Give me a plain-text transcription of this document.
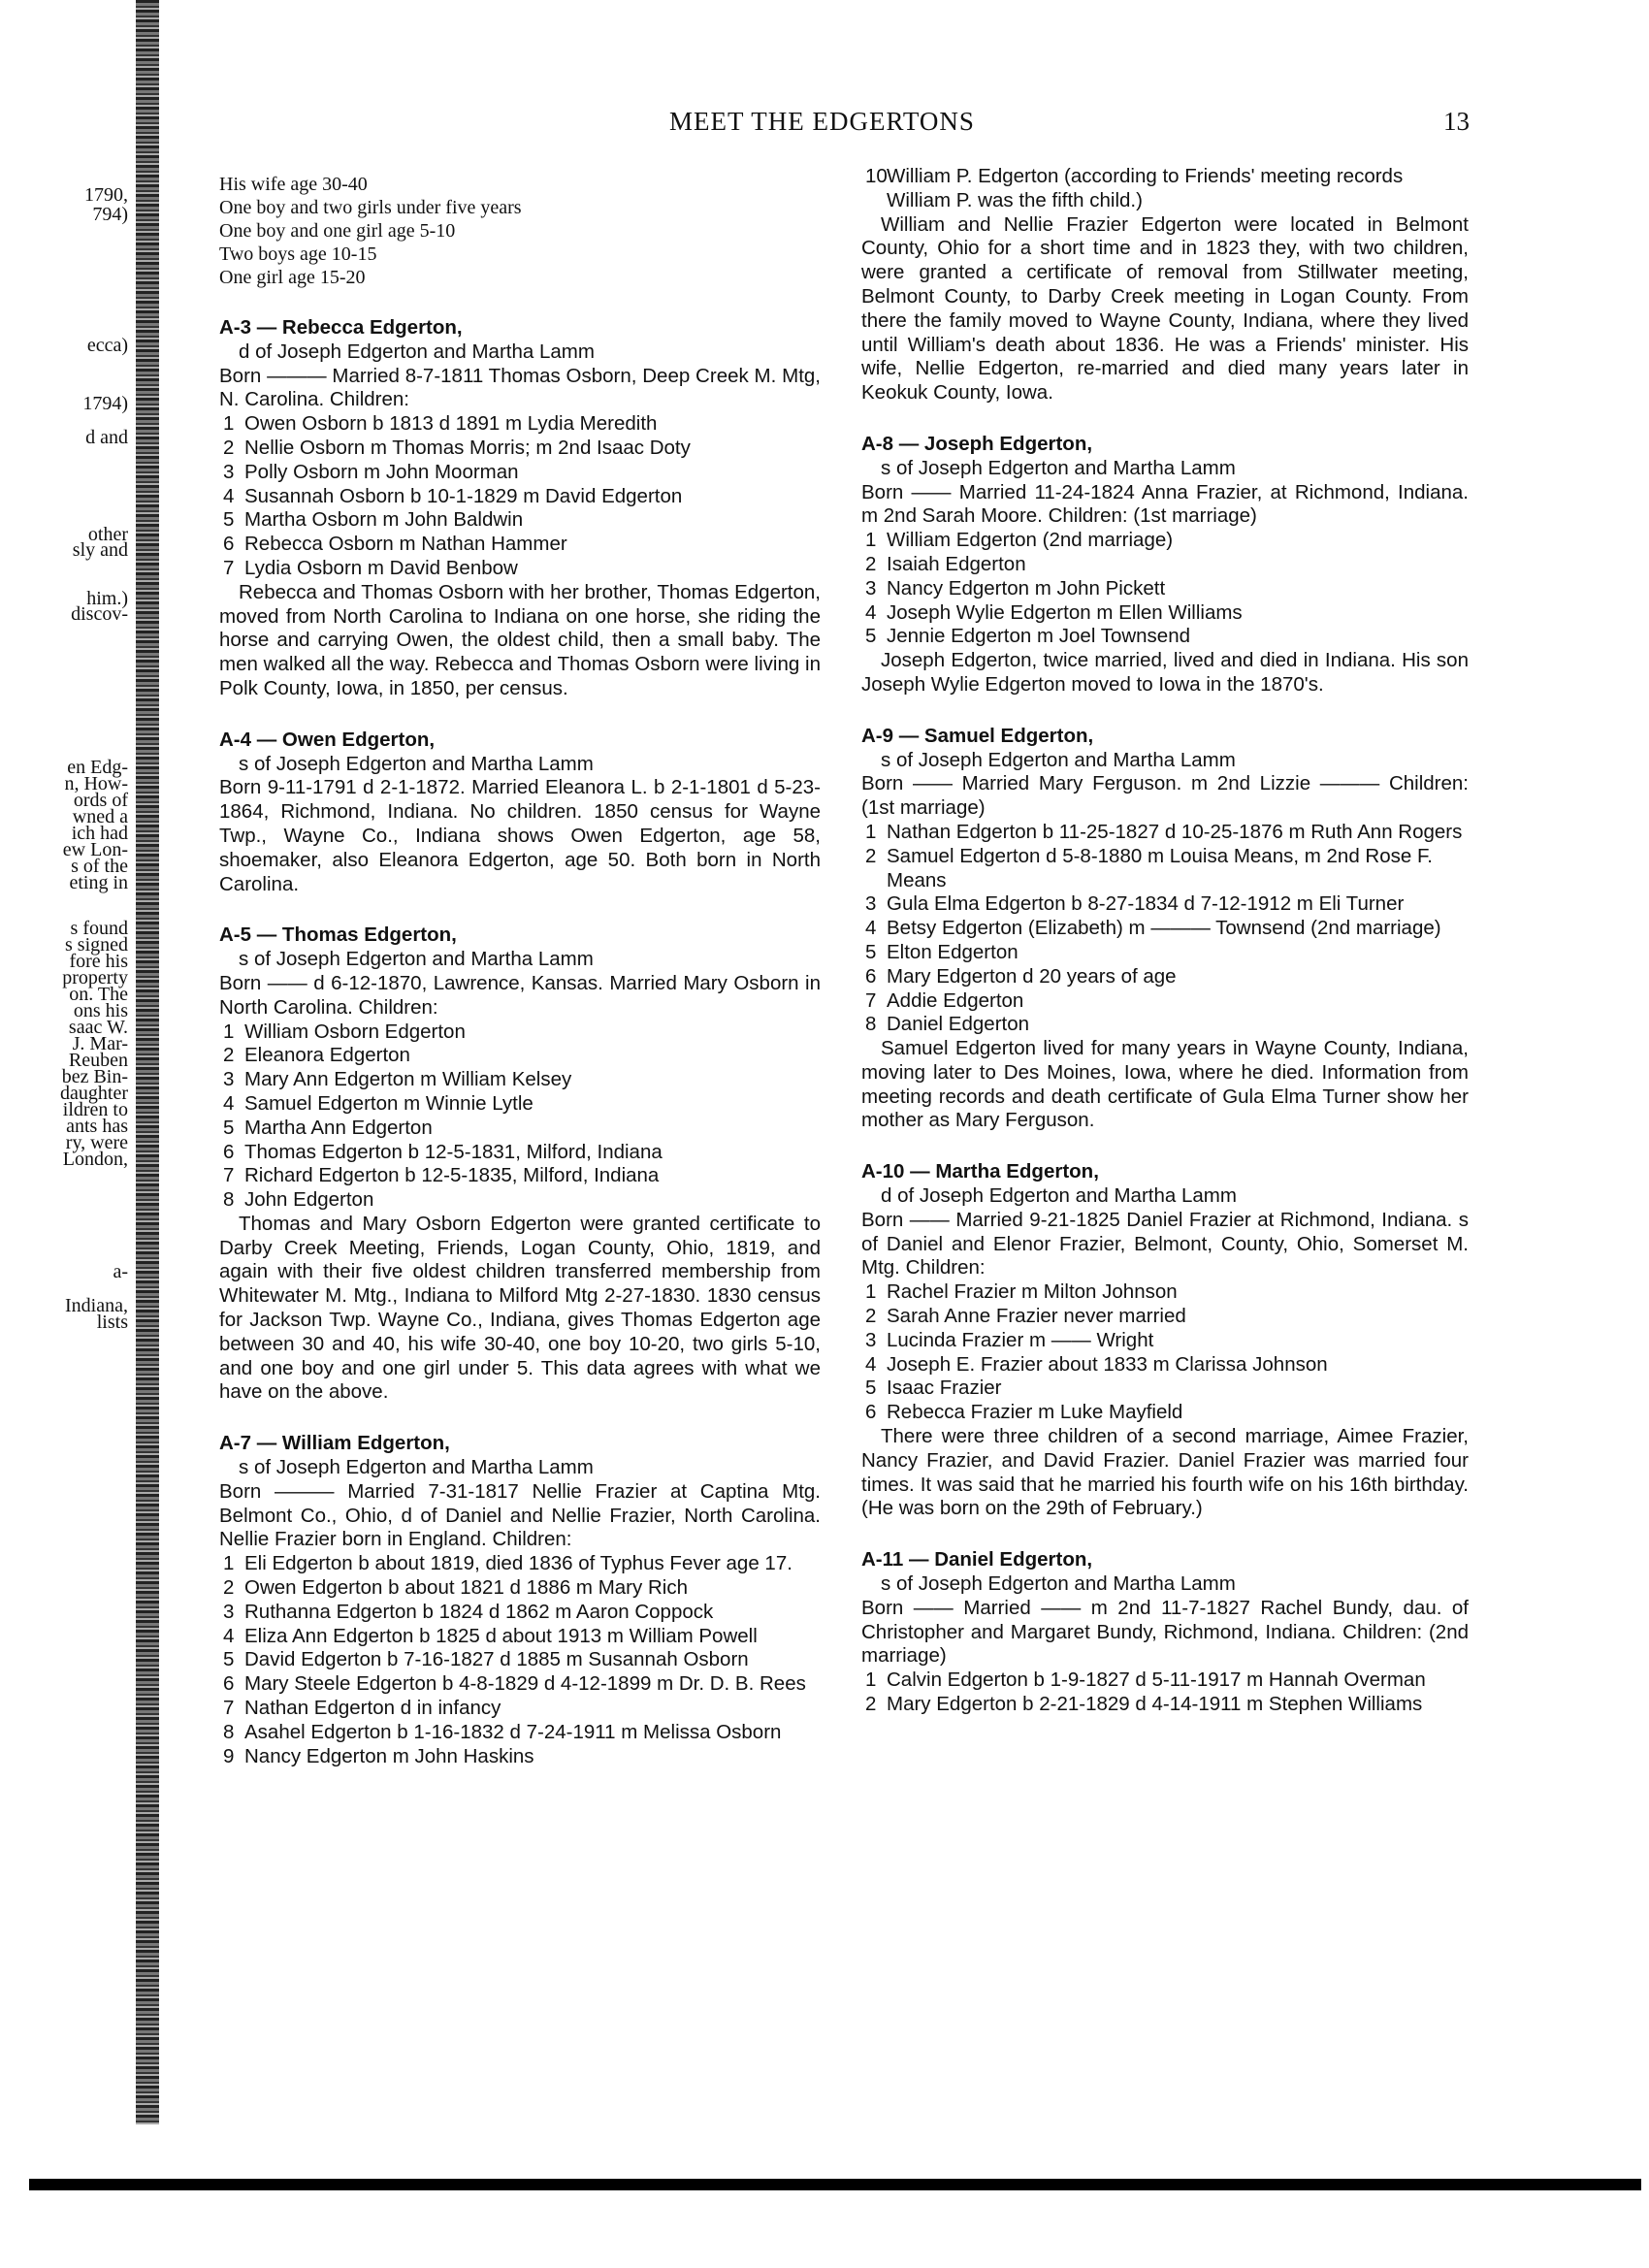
MEET THE EDGERTONS	13
1790,
794)
ecca)
1794)
d and
other
sly and
him.)
discov-
en Edg-
n, How-
ords of
wned a
ich had
ew Lon-
s of the
eting in
s found
s signed
fore his
property
on. The
ons his
saac W.
J. Mar-
Reuben
bez Bin-
daughter
ildren to
ants has
ry, were
London,
a-
Indiana,
lists
His wife age 30-40
One boy and two girls under five years
One boy and one girl age 5-10
Two boys age 10-15
One girl age 15-20
A-3 — Rebecca Edgerton,
d of Joseph Edgerton and Martha Lamm

Born ——— Married 8-7-1811 Thomas Osborn, Deep Creek M. Mtg, N. Carolina. Children:

1 Owen Osborn b 1813 d 1891 m Lydia Meredith
2 Nellie Osborn m Thomas Morris; m 2nd Isaac Doty
3 Polly Osborn m John Moorman
4 Susannah Osborn b 10-1-1829 m David Edgerton
5 Martha Osborn m John Baldwin
6 Rebecca Osborn m Nathan Hammer
7 Lydia Osborn m David Benbow

Rebecca and Thomas Osborn with her brother, Thomas Edgerton, moved from North Carolina to Indiana on one horse, she riding the horse and carrying Owen, the oldest child, then a small baby. The men walked all the way. Rebecca and Thomas Osborn were living in Polk County, Iowa, in 1850, per census.

A-4 — Owen Edgerton,
s of Joseph Edgerton and Martha Lamm

Born 9-11-1791 d 2-1-1872. Married Eleanora L. b 2-1-1801 d 5-23-1864, Richmond, Indiana. No children. 1850 census for Wayne Twp., Wayne Co., Indiana shows Owen Edgerton, age 58, shoemaker, also Eleanora Edgerton, age 50. Both born in North Carolina.

A-5 — Thomas Edgerton,
s of Joseph Edgerton and Martha Lamm

Born —— d 6-12-1870, Lawrence, Kansas. Married Mary Osborn in North Carolina. Children:

1 William Osborn Edgerton
2 Eleanora Edgerton
3 Mary Ann Edgerton m William Kelsey
4 Samuel Edgerton m Winnie Lytle
5 Martha Ann Edgerton
6 Thomas Edgerton b 12-5-1831, Milford, Indiana
7 Richard Edgerton b 12-5-1835, Milford, Indiana
8 John Edgerton

Thomas and Mary Osborn Edgerton were granted certificate to Darby Creek Meeting, Friends, Logan County, Ohio, 1819, and again with their five oldest children transferred membership from Whitewater M. Mtg., Indiana to Milford Mtg 2-27-1830. 1830 census for Jackson Twp. Wayne Co., Indiana, gives Thomas Edgerton age between 30 and 40, his wife 30-40, one boy 10-20, two girls 5-10, and one boy and one girl under 5. This data agrees with what we have on the above.

A-7 — William Edgerton,
s of Joseph Edgerton and Martha Lamm

Born ——— Married 7-31-1817 Nellie Frazier at Captina Mtg. Belmont Co., Ohio, d of Daniel and Nellie Frazier, North Carolina. Nellie Frazier born in England. Children:

1 Eli Edgerton b about 1819, died 1836 of Typhus Fever age 17.
2 Owen Edgerton b about 1821 d 1886 m Mary Rich
3 Ruthanna Edgerton b 1824 d 1862 m Aaron Coppock
4 Eliza Ann Edgerton b 1825 d about 1913 m William Powell
5 David Edgerton b 7-16-1827 d 1885 m Susannah Osborn
6 Mary Steele Edgerton b 4-8-1829 d 4-12-1899 m Dr. D. B. Rees
7 Nathan Edgerton d in infancy
8 Asahel Edgerton b 1-16-1832 d 7-24-1911 m Melissa Osborn
9 Nancy Edgerton m John Haskins
10William P. Edgerton (according to Friends' meeting records William P. was the fifth child.)

William and Nellie Frazier Edgerton were located in Belmont County, Ohio for a short time and in 1823 they, with two children, were granted a certificate of removal from Stillwater meeting, Belmont County, to Darby Creek meeting in Logan County. From there the family moved to Wayne County, Indiana, where they lived until William's death about 1836. He was a Friends' minister. His wife, Nellie Edgerton, re-married and died many years later in Keokuk County, Iowa.

A-8 — Joseph Edgerton,
s of Joseph Edgerton and Martha Lamm

Born —— Married 11-24-1824 Anna Frazier, at Richmond, Indiana. m 2nd Sarah Moore. Children: (1st marriage)

1 William Edgerton (2nd marriage)
2 Isaiah Edgerton
3 Nancy Edgerton m John Pickett
4 Joseph Wylie Edgerton m Ellen Williams
5 Jennie Edgerton m Joel Townsend

Joseph Edgerton, twice married, lived and died in Indiana. His son Joseph Wylie Edgerton moved to Iowa in the 1870's.

A-9 — Samuel Edgerton,
s of Joseph Edgerton and Martha Lamm

Born —— Married Mary Ferguson. m 2nd Lizzie ——— Children: (1st marriage)

1 Nathan Edgerton b 11-25-1827 d 10-25-1876 m Ruth Ann Rogers
2 Samuel Edgerton d 5-8-1880 m Louisa Means, m 2nd Rose F. Means
3 Gula Elma Edgerton b 8-27-1834 d 7-12-1912 m Eli Turner
4 Betsy Edgerton (Elizabeth) m ——— Townsend (2nd marriage)
5 Elton Edgerton
6 Mary Edgerton d 20 years of age
7 Addie Edgerton
8 Daniel Edgerton

Samuel Edgerton lived for many years in Wayne County, Indiana, moving later to Des Moines, Iowa, where he died. Information from meeting records and death certificate of Gula Elma Turner show her mother as Mary Ferguson.

A-10 — Martha Edgerton,
d of Joseph Edgerton and Martha Lamm

Born —— Married 9-21-1825 Daniel Frazier at Richmond, Indiana. s of Daniel and Elenor Frazier, Belmont, County, Ohio, Somerset M. Mtg. Children:

1 Rachel Frazier m Milton Johnson
2 Sarah Anne Frazier never married
3 Lucinda Frazier m —— Wright
4 Joseph E. Frazier about 1833 m Clarissa Johnson
5 Isaac Frazier
6 Rebecca Frazier m Luke Mayfield

There were three children of a second marriage, Aimee Frazier, Nancy Frazier, and David Frazier. Daniel Frazier was married four times. It was said that he married his fourth wife on his 16th birthday. (He was born on the 29th of February.)

A-11 — Daniel Edgerton,
s of Joseph Edgerton and Martha Lamm

Born —— Married —— m 2nd 11-7-1827 Rachel Bundy, dau. of Christopher and Margaret Bundy, Richmond, Indiana. Children: (2nd marriage)

1 Calvin Edgerton b 1-9-1827 d 5-11-1917 m Hannah Overman
2 Mary Edgerton b 2-21-1829 d 4-14-1911 m Stephen Williams
